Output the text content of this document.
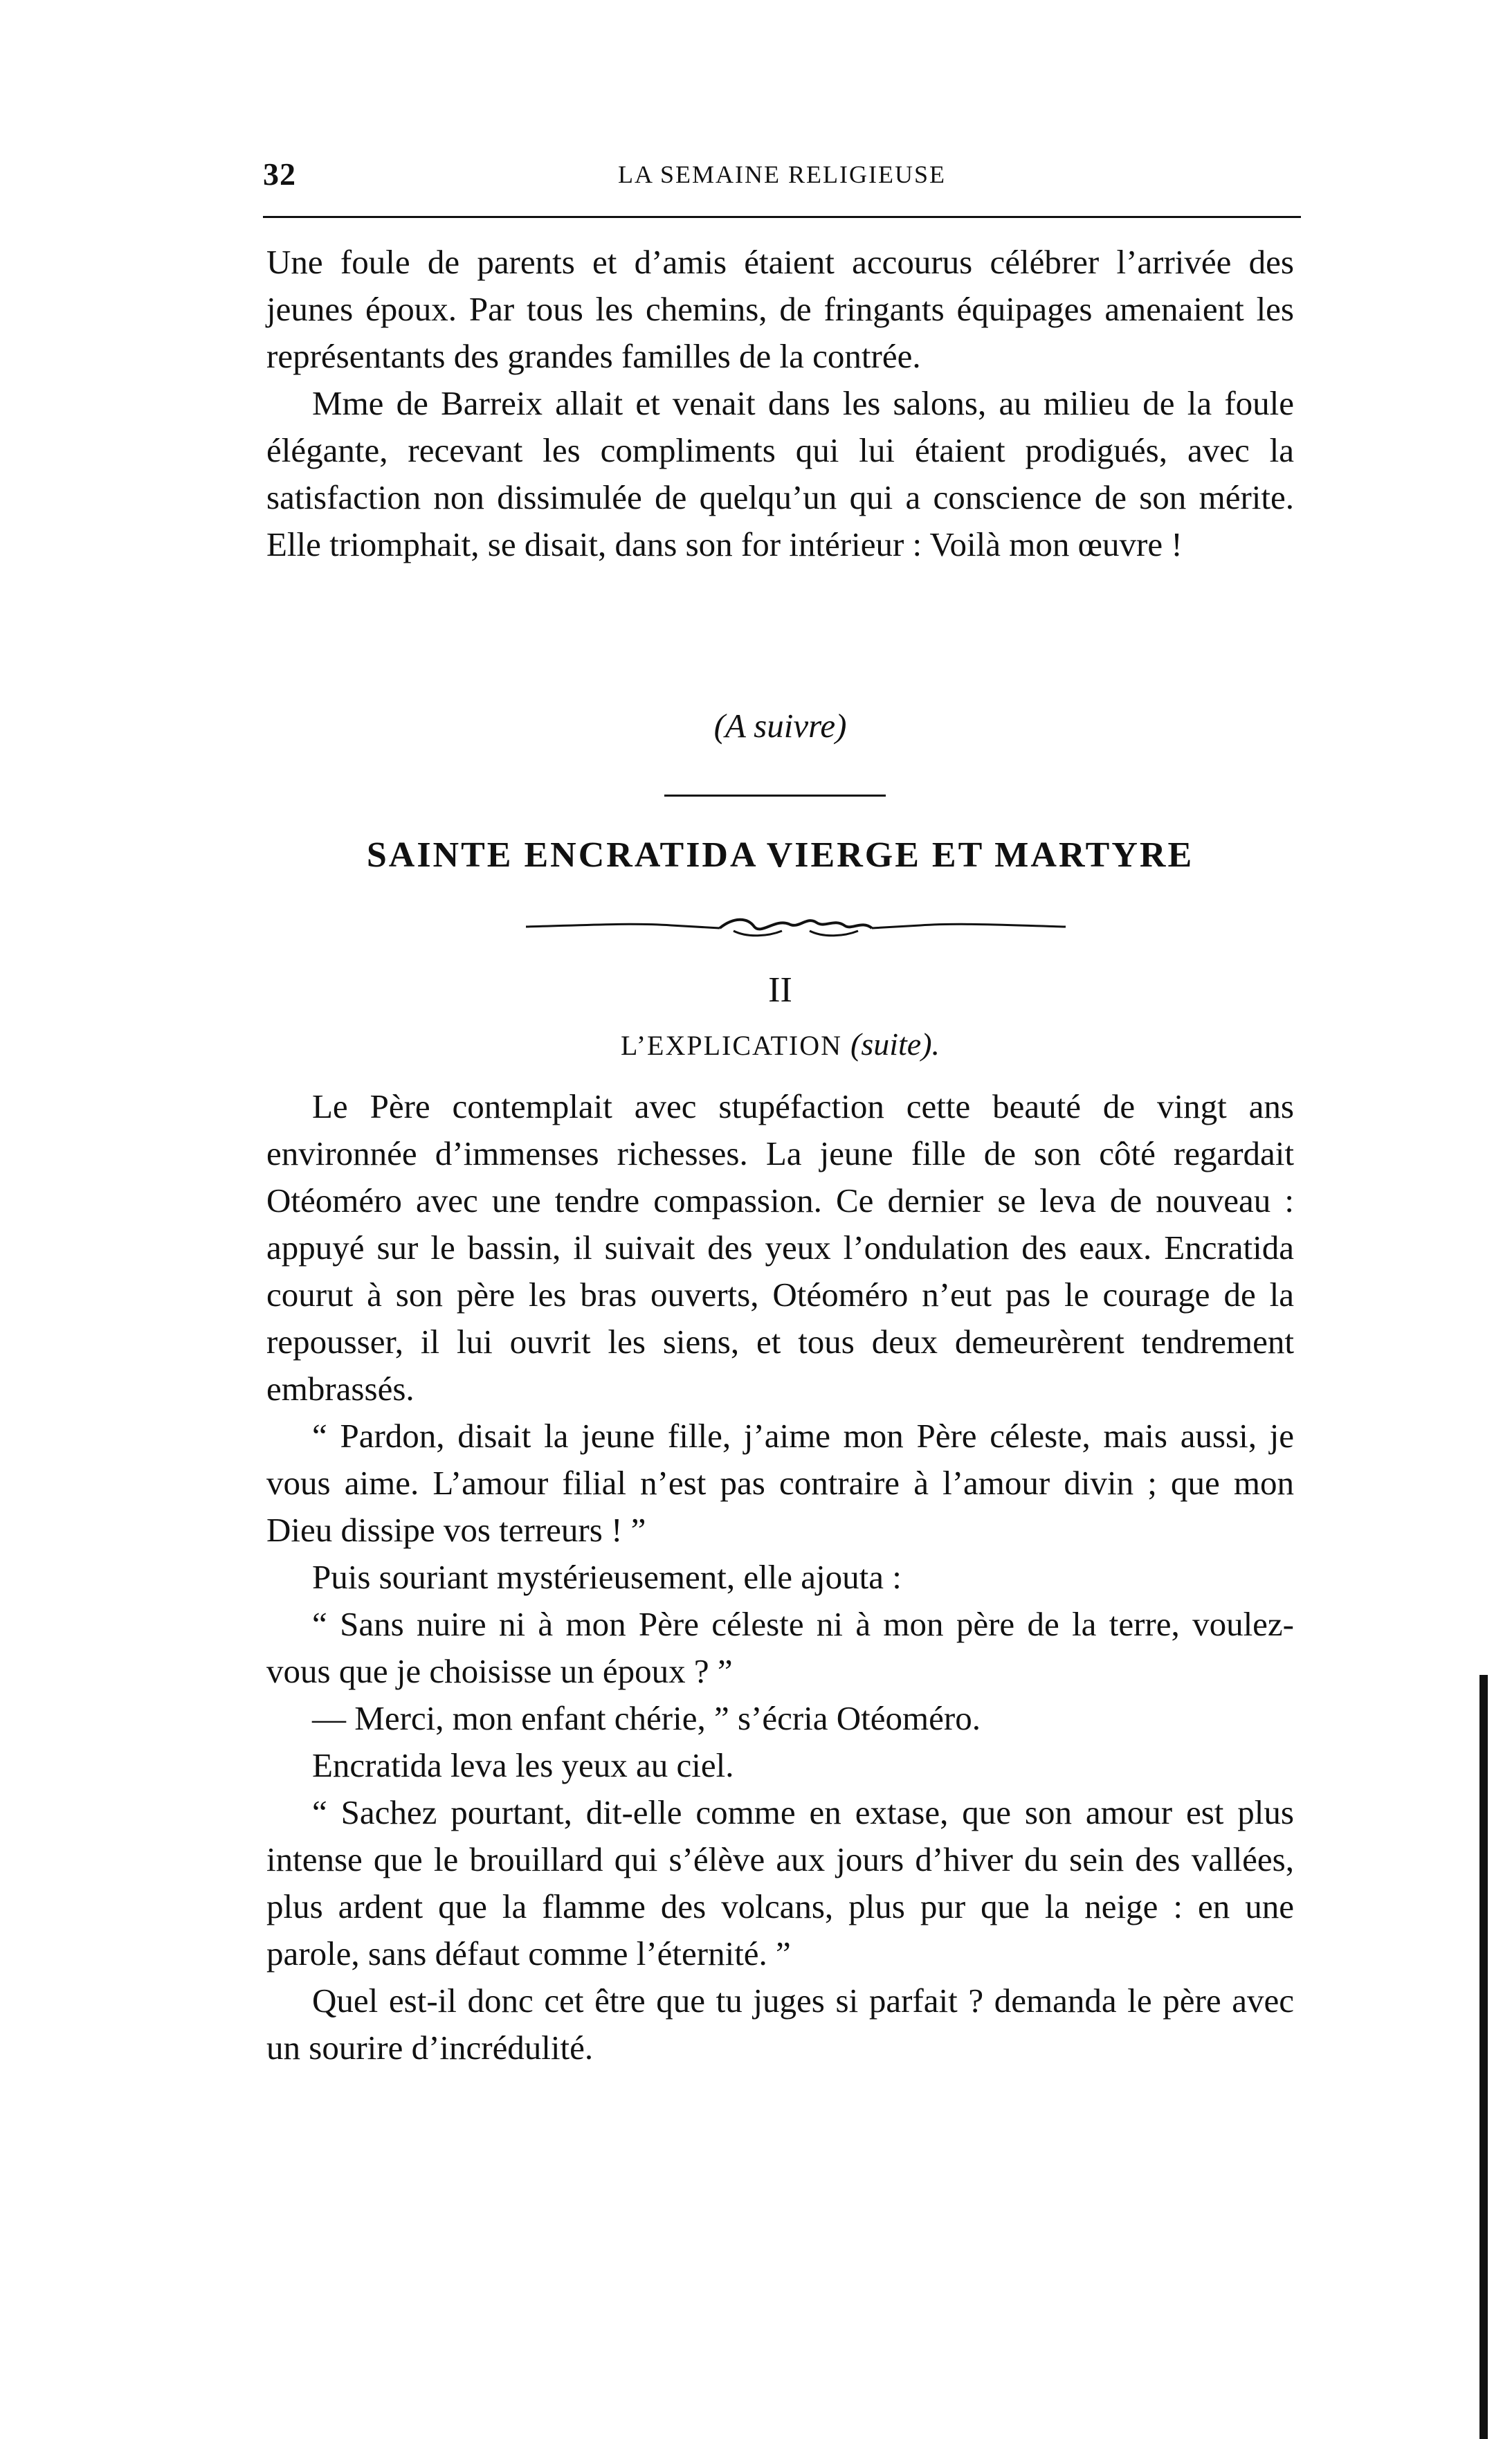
32	LA SEMAINE RELIGIEUSE

Une foule de parents et d’amis étaient accourus célébrer l’arrivée des jeunes époux. Par tous les chemins, de fringants équipages amenaient les représentants des grandes familles de la contrée.

Mme de Barreix allait et venait dans les salons, au milieu de la foule élégante, recevant les compliments qui lui étaient prodigués, avec la satisfaction non dissimulée de quelqu’un qui a conscience de son mérite. Elle triomphait, se disait, dans son for intérieur : Voilà mon œuvre !

(A suivre)
SAINTE ENCRATIDA VIERGE ET MARTYRE
II
L’EXPLICATION (suite).

Le Père contemplait avec stupéfaction cette beauté de vingt ans environnée d’immenses richesses. La jeune fille de son côté regardait Otéoméro avec une tendre compassion. Ce dernier se leva de nouveau : appuyé sur le bassin, il suivait des yeux l’ondulation des eaux. Encratida courut à son père les bras ouverts, Otéoméro n’eut pas le courage de la repousser, il lui ouvrit les siens, et tous deux demeurèrent tendrement embrassés.

“ Pardon, disait la jeune fille, j’aime mon Père céleste, mais aussi, je vous aime. L’amour filial n’est pas contraire à l’amour divin ; que mon Dieu dissipe vos terreurs ! ”

Puis souriant mystérieusement, elle ajouta :

“ Sans nuire ni à mon Père céleste ni à mon père de la terre, voulez-vous que je choisisse un époux ? ”

— Merci, mon enfant chérie, ” s’écria Otéoméro.

Encratida leva les yeux au ciel.

“ Sachez pourtant, dit-elle comme en extase, que son amour est plus intense que le brouillard qui s’élève aux jours d’hiver du sein des vallées, plus ardent que la flamme des volcans, plus pur que la neige : en une parole, sans défaut comme l’éternité. ”

Quel est-il donc cet être que tu juges si parfait ? demanda le père avec un sourire d’incrédulité.
